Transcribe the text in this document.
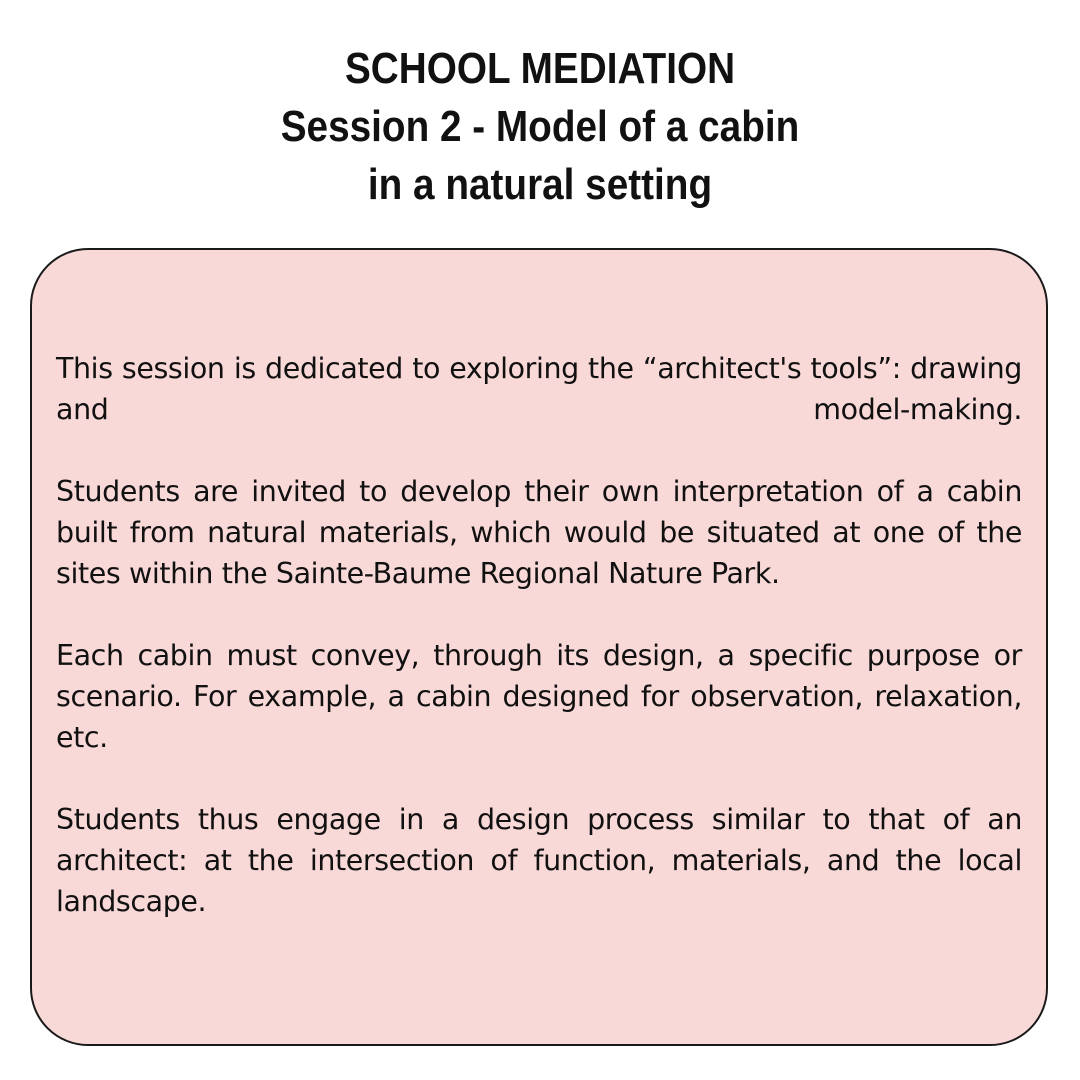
SCHOOL MEDIATION
Session 2 - Model of a cabin
in a natural setting

This session is dedicated to exploring the “architect's tools”: drawing and model-making.

Students are invited to develop their own interpretation of a cabin built from natural materials, which would be situated at one of the sites within the Sainte-Baume Regional Nature Park.

Each cabin must convey, through its design, a specific purpose or scenario. For example, a cabin designed for observation, relaxation, etc.

Students thus engage in a design process similar to that of an architect: at the intersection of function, materials, and the local landscape.
